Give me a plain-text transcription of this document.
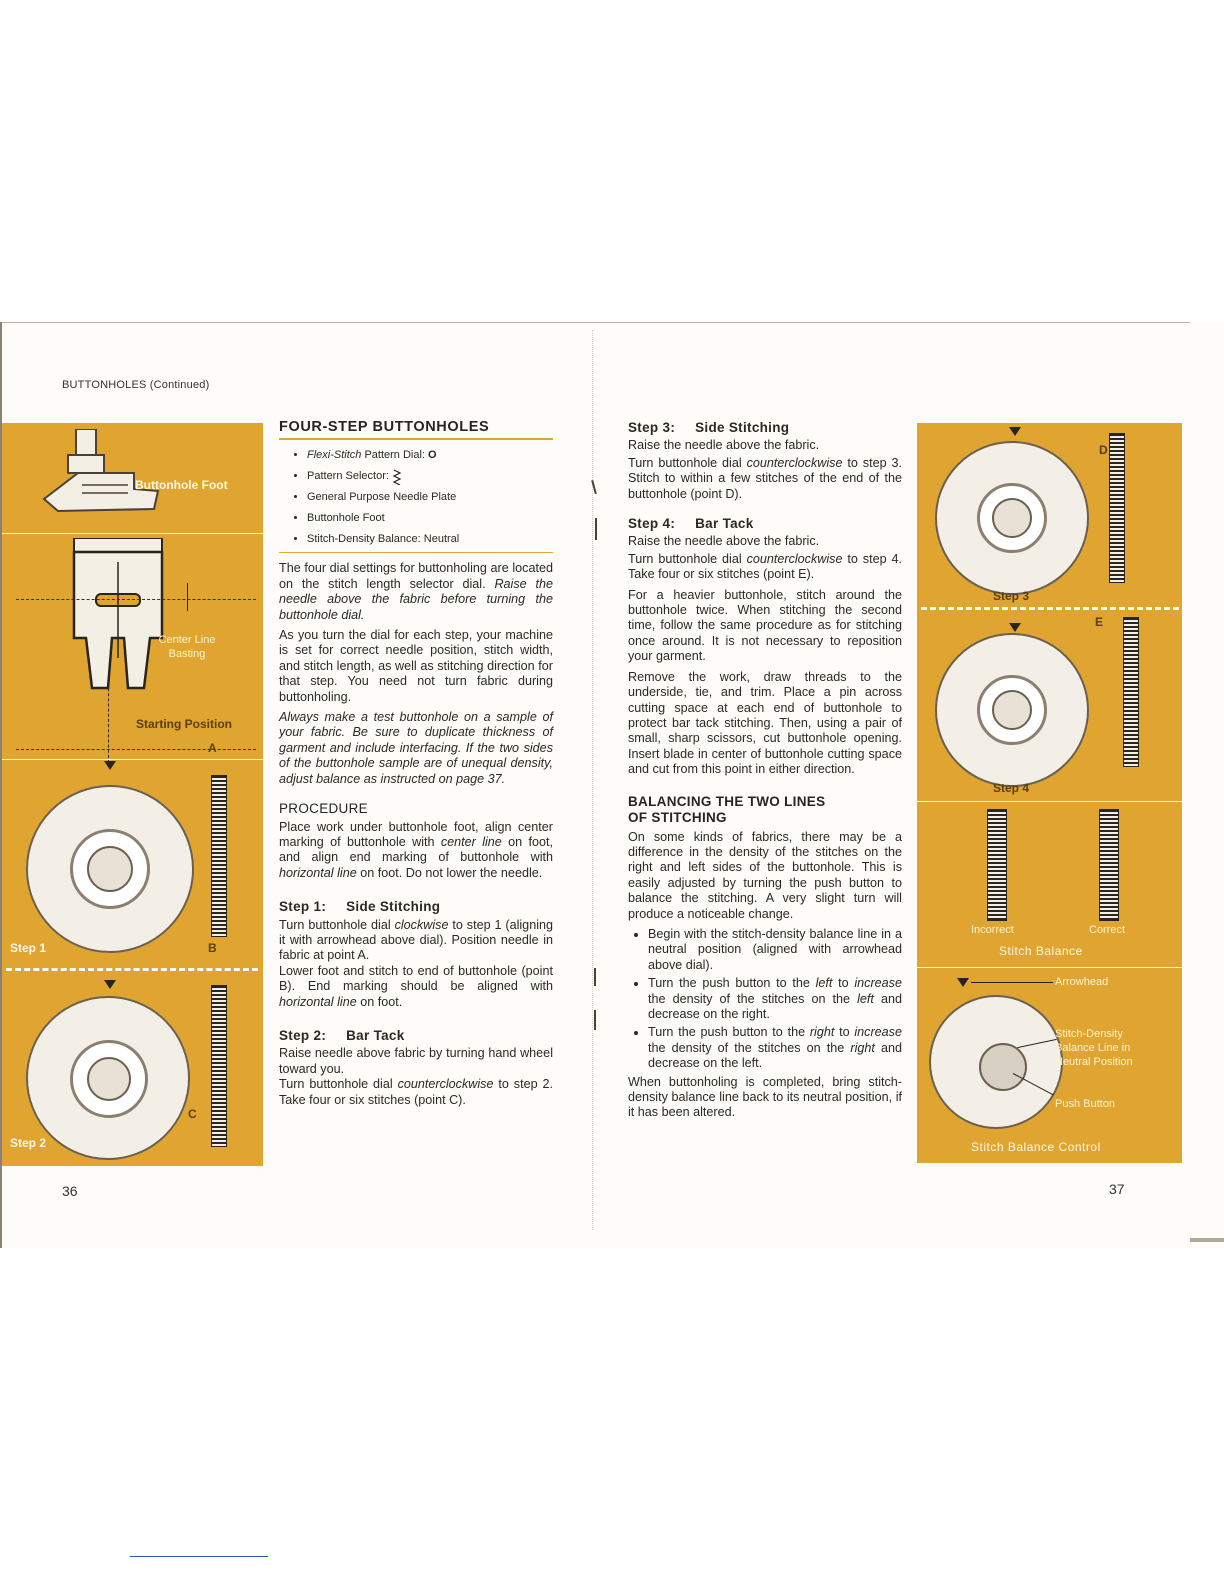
BUTTONHOLES (Continued)
Buttonhole Foot
Center Line Basting
Starting Position
A
B
Step 1
C
Step 2
FOUR-STEP BUTTONHOLES
• Flexi-Stitch Pattern Dial: O
• Pattern Selector:
• General Purpose Needle Plate
• Buttonhole Foot
• Stitch-Density Balance: Neutral

The four dial settings for buttonholing are located on the stitch length selector dial. Raise the needle above the fabric before turning the buttonhole dial.

As you turn the dial for each step, your machine is set for correct needle position, stitch width, and stitch length, as well as stitching direction for that step. You need not turn fabric during buttonholing.

Always make a test buttonhole on a sample of your fabric. Be sure to duplicate thickness of garment and include interfacing. If the two sides of the buttonhole sample are of unequal density, adjust balance as instructed on page 37.

PROCEDURE

Place work under buttonhole foot, align center marking of buttonhole with center line on foot, and align end marking of buttonhole with horizontal line on foot. Do not lower the needle.

Step 1: Side Stitching

Turn buttonhole dial clockwise to step 1 (aligning it with arrowhead above dial). Position needle in fabric at point A.

Lower foot and stitch to end of buttonhole (point B). End marking should be aligned with horizontal line on foot.

Step 2: Bar Tack

Raise needle above fabric by turning hand wheel toward you.

Turn buttonhole dial counterclockwise to step 2. Take four or six stitches (point C).

36
Step 3: Side Stitching

Raise the needle above the fabric.

Turn buttonhole dial counterclockwise to step 3. Stitch to within a few stitches of the end of the buttonhole (point D).

Step 4: Bar Tack

Raise the needle above the fabric.

Turn buttonhole dial counterclockwise to step 4. Take four or six stitches (point E).

For a heavier buttonhole, stitch around the buttonhole twice. When stitching the second time, follow the same procedure as for stitching once around. It is not necessary to reposition your garment.

Remove the work, draw threads to the underside, tie, and trim. Place a pin across cutting space at each end of buttonhole to protect bar tack stitching. Then, using a pair of small, sharp scissors, cut buttonhole opening. Insert blade in center of buttonhole cutting space and cut from this point in either direction.

BALANCING THE TWO LINES
OF STITCHING

On some kinds of fabrics, there may be a difference in the density of the stitches on the right and left sides of the buttonhole. This is easily adjusted by turning the push button to balance the stitching. A very slight turn will produce a noticeable change.

• Begin with the stitch-density balance line in a neutral position (aligned with arrowhead above dial).
• Turn the push button to the left to increase the density of the stitches on the left and decrease on the right.
• Turn the push button to the right to increase the density of the stitches on the right and decrease on the left.

When buttonholing is completed, bring stitch-density balance line back to its neutral position, if it has been altered.

D
Step 3
E
Step 4
Incorrect	Correct
Stitch Balance
Arrowhead
Stitch-Density Balance Line in Neutral Position
Push Button
Stitch Balance Control
37
